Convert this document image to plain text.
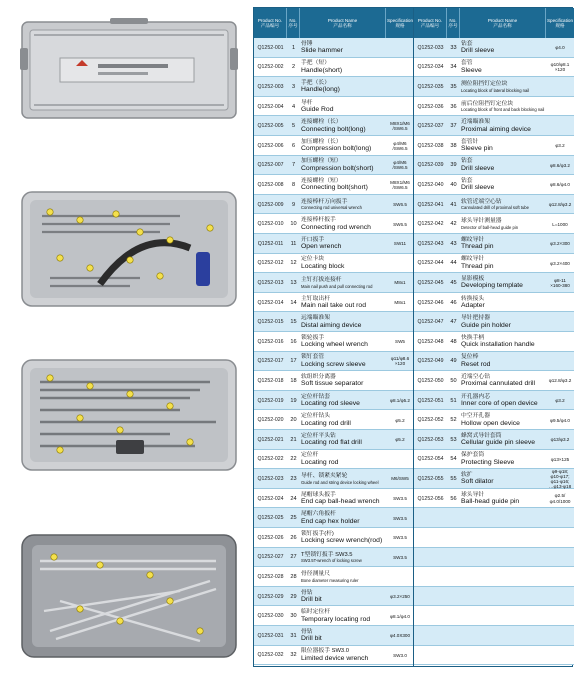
Product No.
产品编号
No.
序号
Product Name
产品名称
Specification
规格
Q1252-001	1
骨锤
Slide hammer
Q1252-002	2
手把（短）
Handle(short)
Q1252-003	3
手把（长）
Handle(long)
Q1252-004	4
导杆
Guide Rod
Q1252-005	5
连接螺栓（长）
Connecting bolt(long)
M8X1/M6
/SW6.5
Q1252-006	6
加压螺栓（长）
Compression bolt(long)
φ4/M6
/SW6.5
Q1252-007	7
加压螺栓（短）
Compression bolt(short)
φ4/M6
/SW6.5
Q1252-008	8
连接螺栓（短）
Connecting bolt(short)
M8X1/M6
/SW6.5
Q1252-009	9	连接棒杆万向扳手
Connecting rod universal wrench
SW6.5
Q1252-010	10
连接棒杆扳手
Connecting rod wrench	SW6.5
Q1252-011	11
开口扳手
Open wrench	SW11
Q1252-012	12
定位卡块
Locating block
Q1252-013	13 主钉打拔连接杆
Main nail push and pull connecting rod
M8x1
Q1252-014	14
主钉取出杆
Main nail take out rod	M8x1
Q1252-015	15
远端瞄准架
Distal aiming device
Q1252-016	16
锁轮扳手
Locking wheel wrench	SW5
Q1252-017	17
锁钉套管
Locking screw sleeve
φ11/φ8.6
×120
Q1252-018	18
软组织分离器
Soft tissue separator
Q1252-019	19
定位杆钻套
Locating rod sleeve	φ8.1/φ5.2
Q1252-020	20
定位杆钻头
Locating rod drill	φ5.2
Q1252-021	21
定位杆平头钻
Locating rod flat drill	φ5.2
Q1252-022	22
定位杆
Locating rod
Q1252-023	23 导杆、锁紧夹紧轮
Guide rod and string device locking wheel
M6/SW5
Q1252-024	24
尾帽球头扳手
End cap ball-head wrench	SW3.5
Q1252-025	25
尾帽六角扳杆
End cap hex holder	SW3.5
Q1252-026	26
锁钉扳手(杆)
Locking screw wrench(rod)	SW3.5
Q1252-027	27 T型锁钉扳手 SW3.5
SW3.5T-wrench of locking screw
SW3.5
Q1252-028	28 骨径测量尺
Bone diameter measuring ruler
Q1252-029	29
骨钻
Drill bit	φ3.2×250
Q1252-030	30
临时定位杆
Temporary locating rod	φ8.1/φ4.0
Q1252-031	31
骨钻
Drill bit	φ4.0X300
Q1252-032	32
限位器扳手 SW3.0
Limited device wrench	SW3.0
Product No.
产品编号
No.
序号
Product Name
产品名称
Specification
规格
Q1252-033	33
钻套
Drill sleeve	φ4.0
Q1252-034	34
套管
Sleeve
φ10/φ8.1
×120
Q1252-035	35 测位阻挡钉定位块
Locating block of lateral blocking nail
Q1252-036	36 前后位阻挡钉定位块
Locating block of front and back blocking nail
Q1252-037	37
近端瞄准架
Proximal aiming device
Q1252-038	38
套管针
Sleeve pin	φ3.2
Q1252-039	39
钻套
Drill sleeve	φ8.6/φ3.2
Q1252-040	40
钻套
Drill sleeve	φ8.6/φ4.0
Q1252-041	41 软管近端空心钻
Cannulated drill of proximal soft tube
φ12.8/φ3.2
Q1252-042	42 球头导针测量器
Detector of ball-head guide pin
L=1000
Q1252-043	43
螺纹导针
Thread pin	φ3.2×300
Q1252-044	44
螺纹导针
Thread pin	φ3.2×400
Q1252-045	45
显影模板
Developing template
φ8-11
×160-380
Q1252-046	46
转换接头
Adapter
Q1252-047	47
导针把持器
Guide pin holder
Q1252-048	48
快换手柄
Quick installation handle
Q1252-049	49
复位棒
Reset rod
Q1252-050	50
近端空心钻
Proximal cannulated drill	φ12.8/φ3.2
Q1252-051	51
开孔器内芯
Inner core of open device	φ3.2
Q1252-052	52
中空开孔器
Hollow open device	φ9.5/φ4.0
Q1252-053	53
蜂窝式导针套筒
Cellular guide pin sleeve	φ13/φ3.2
Q1252-054	54
保护套筒
Protecting Sleeve	φ13×125
Q1252-055	55
软扩
Soft dilator
φ9-φ18;
φ10-φ17;
φ11-φ16;
…φ13-φ18
Q1252-056	56
球头导针
Ball-head guide pin
φ2.5/
φ4.0/1000
